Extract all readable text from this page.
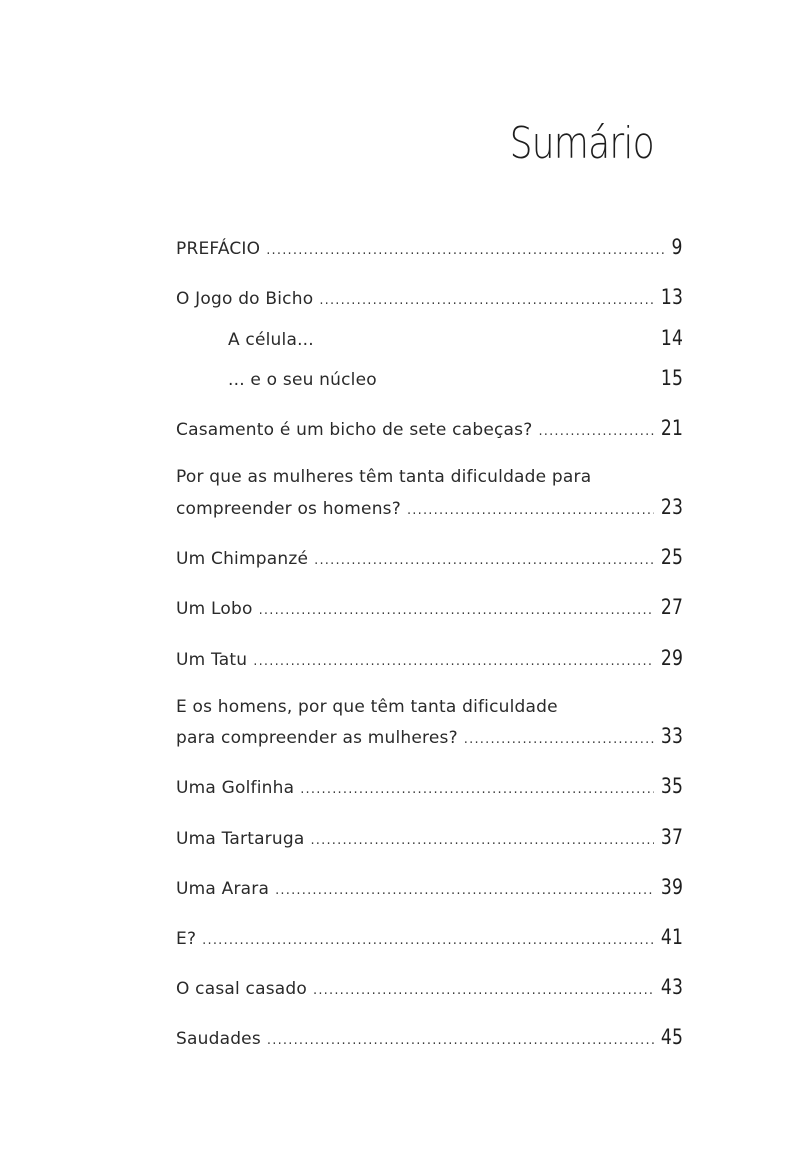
Sumário
PREFÁCIO .....	9
O Jogo do Bicho .....	13
A célula...	14
... e o seu núcleo	15
Casamento é um bicho de sete cabeças? .....	21
Por que as mulheres têm tanta dificuldade para
compreender os homens? .....	23
Um Chimpanzé .....	25
Um Lobo .....	27
Um Tatu .....	29
E os homens, por que têm tanta dificuldade
para compreender as mulheres? .....	33
Uma Golfinha .....	35
Uma Tartaruga .....	37
Uma Arara .....	39
E? .....	41
O casal casado .....	43
Saudades .....	45
